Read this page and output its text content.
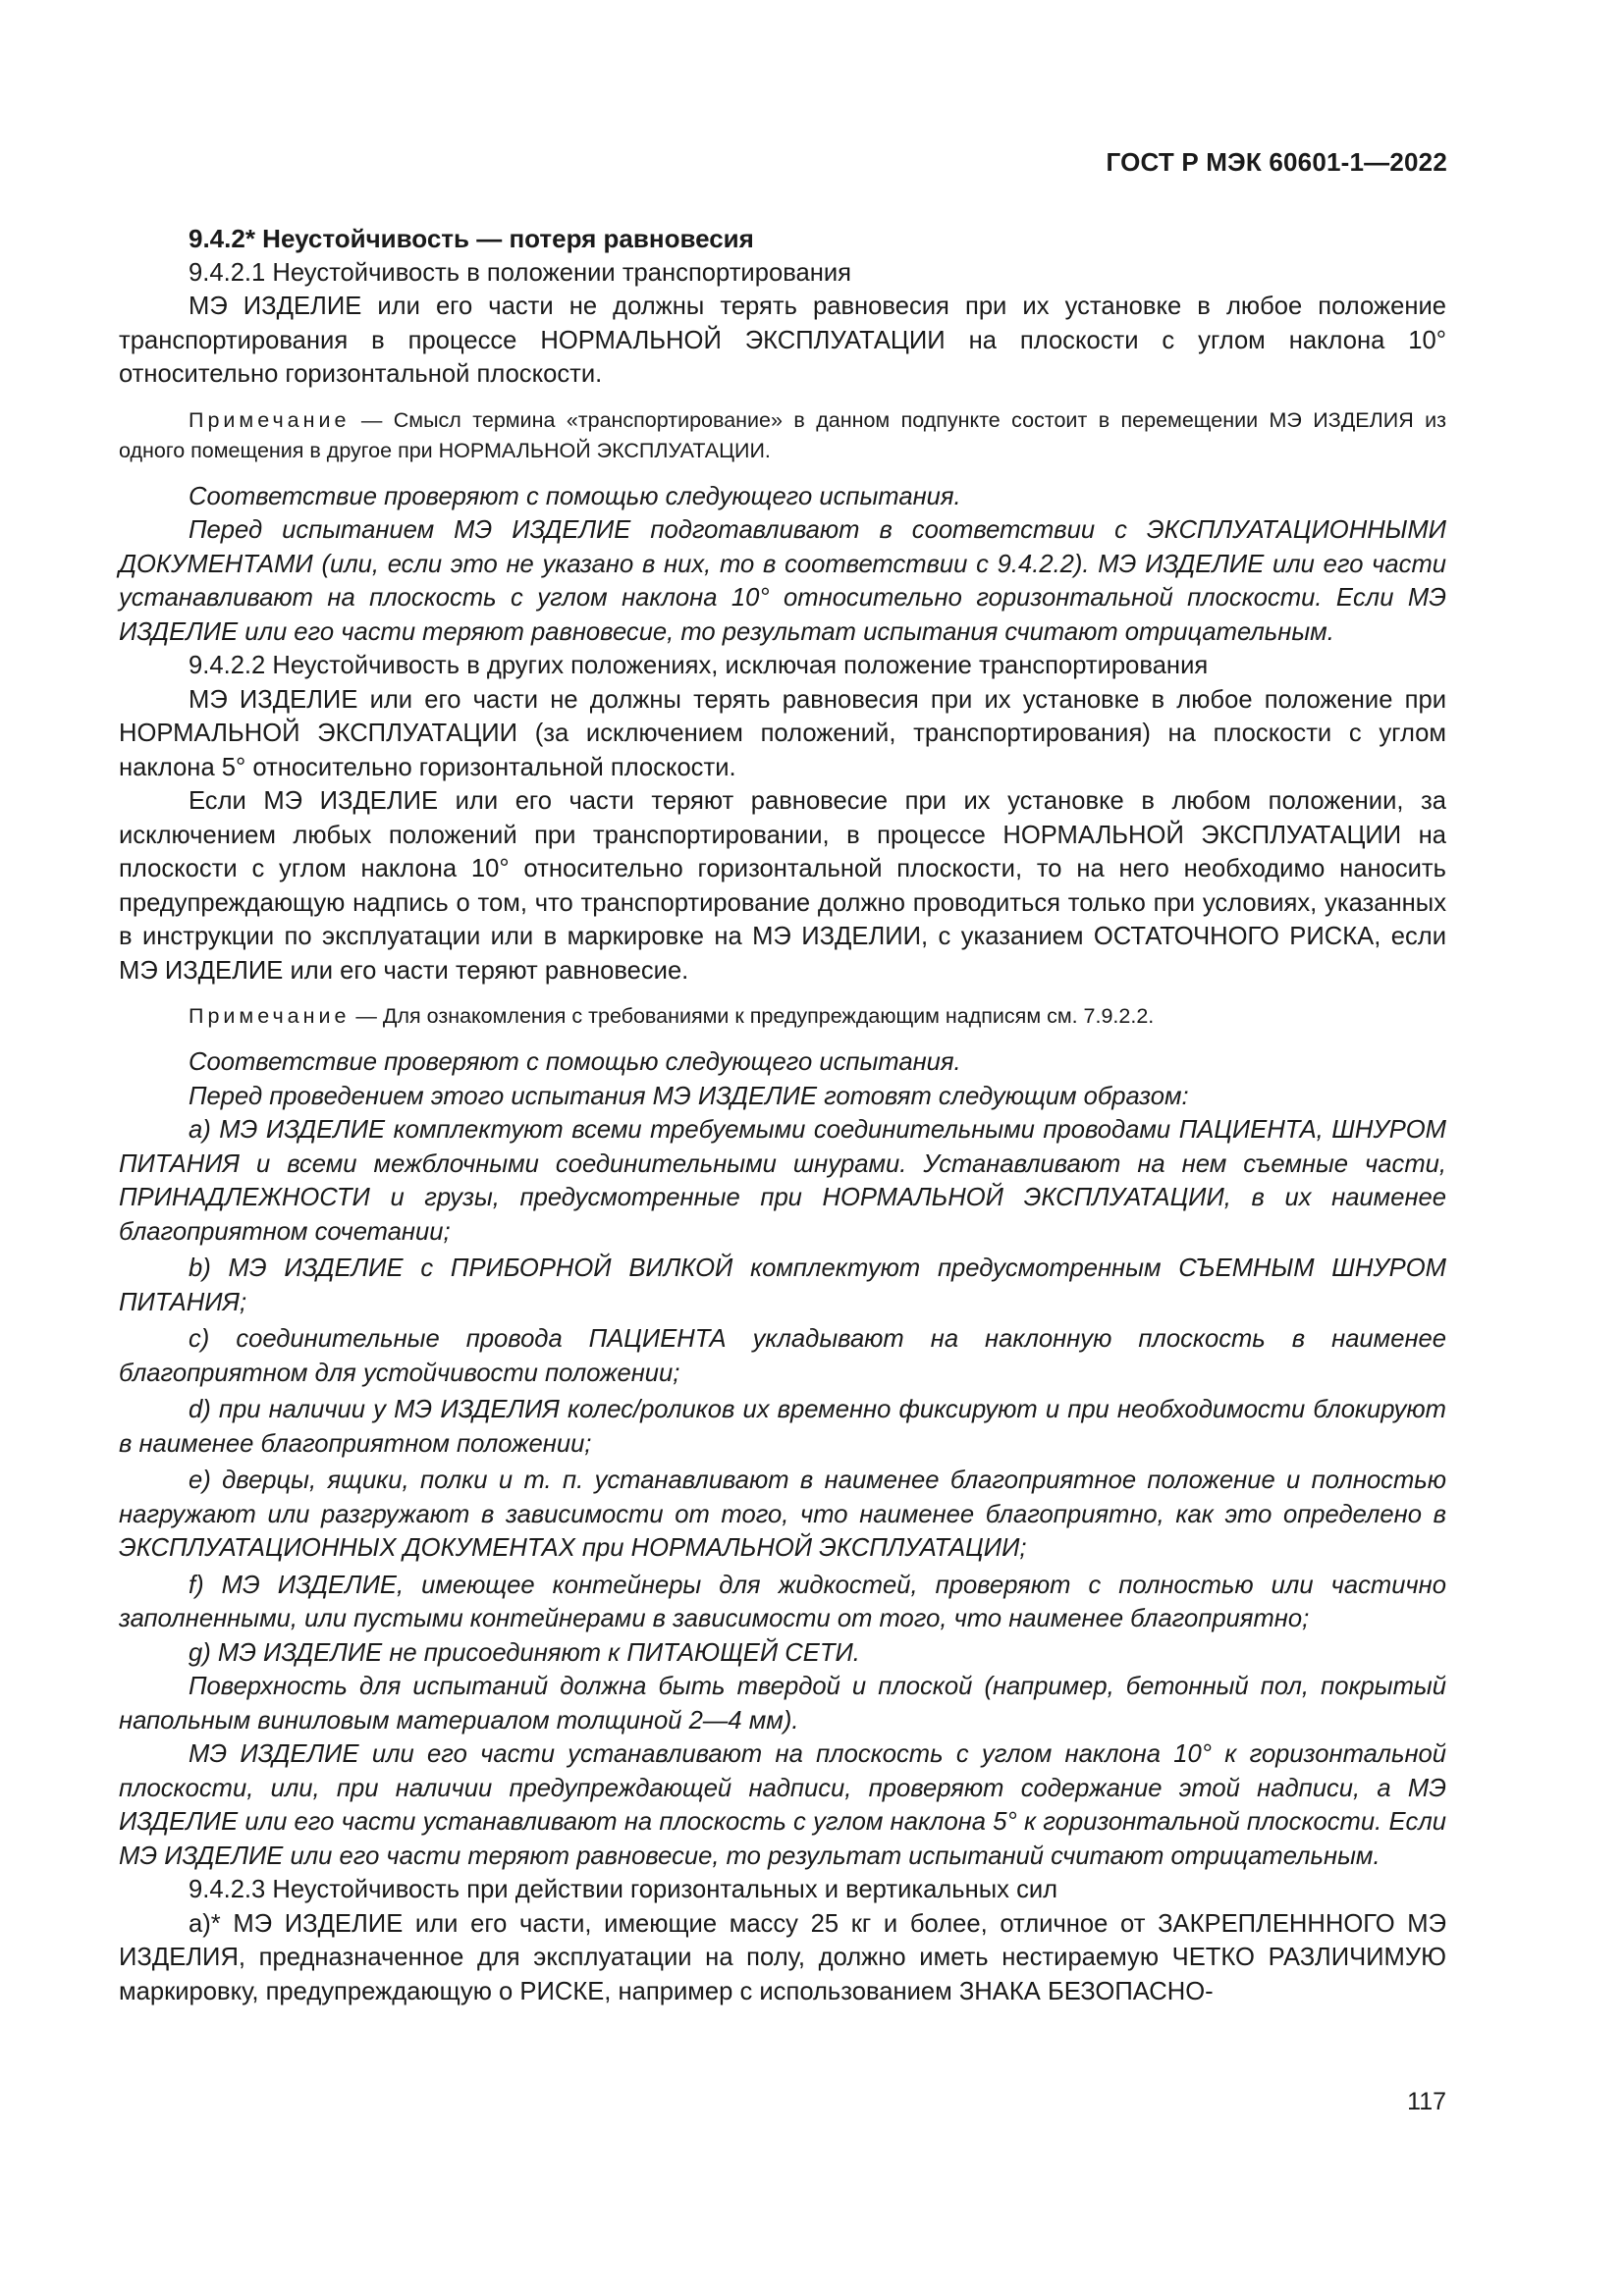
ГОСТ Р МЭК 60601-1—2022

9.4.2* Неустойчивость — потеря равновесия

9.4.2.1 Неустойчивость в положении транспортирования

МЭ ИЗДЕЛИЕ или его части не должны терять равновесия при их установке в любое положение транспортирования в процессе НОРМАЛЬНОЙ ЭКСПЛУАТАЦИИ на плоскости с углом наклона 10° относительно горизонтальной плоскости.

Примечание — Смысл термина «транспортирование» в данном подпункте состоит в перемещении МЭ ИЗДЕЛИЯ из одного помещения в другое при НОРМАЛЬНОЙ ЭКСПЛУАТАЦИИ.

Соответствие проверяют с помощью следующего испытания.

Перед испытанием МЭ ИЗДЕЛИЕ подготавливают в соответствии с ЭКСПЛУАТАЦИОННЫМИ ДОКУМЕНТАМИ (или, если это не указано в них, то в соответствии с 9.4.2.2). МЭ ИЗДЕЛИЕ или его части устанавливают на плоскость с углом наклона 10° относительно горизонтальной плоскости. Если МЭ ИЗДЕЛИЕ или его части теряют равновесие, то результат испытания считают отрицательным.

9.4.2.2 Неустойчивость в других положениях, исключая положение транспортирования

МЭ ИЗДЕЛИЕ или его части не должны терять равновесия при их установке в любое положение при НОРМАЛЬНОЙ ЭКСПЛУАТАЦИИ (за исключением положений, транспортирования) на плоскости с углом наклона 5° относительно горизонтальной плоскости.

Если МЭ ИЗДЕЛИЕ или его части теряют равновесие при их установке в любом положении, за исключением любых положений при транспортировании, в процессе НОРМАЛЬНОЙ ЭКСПЛУАТАЦИИ на плоскости с углом наклона 10° относительно горизонтальной плоскости, то на него необходимо наносить предупреждающую надпись о том, что транспортирование должно проводиться только при условиях, указанных в инструкции по эксплуатации или в маркировке на МЭ ИЗДЕЛИИ, с указанием ОСТАТОЧНОГО РИСКА, если МЭ ИЗДЕЛИЕ или его части теряют равновесие.

Примечание — Для ознакомления с требованиями к предупреждающим надписям см. 7.9.2.2.

Соответствие проверяют с помощью следующего испытания.

Перед проведением этого испытания МЭ ИЗДЕЛИЕ готовят следующим образом:

a) МЭ ИЗДЕЛИЕ комплектуют всеми требуемыми соединительными проводами ПАЦИЕНТА, ШНУРОМ ПИТАНИЯ и всеми межблочными соединительными шнурами. Устанавливают на нем съемные части, ПРИНАДЛЕЖНОСТИ и грузы, предусмотренные при НОРМАЛЬНОЙ ЭКСПЛУАТАЦИИ, в их наименее благоприятном сочетании;

b) МЭ ИЗДЕЛИЕ с ПРИБОРНОЙ ВИЛКОЙ комплектуют предусмотренным СЪЕМНЫМ ШНУРОМ ПИТАНИЯ;

c) соединительные провода ПАЦИЕНТА укладывают на наклонную плоскость в наименее благоприятном для устойчивости положении;

d) при наличии у МЭ ИЗДЕЛИЯ колес/роликов их временно фиксируют и при необходимости блокируют в наименее благоприятном положении;

e) дверцы, ящики, полки и т. п. устанавливают в наименее благоприятное положение и полностью нагружают или разгружают в зависимости от того, что наименее благоприятно, как это определено в ЭКСПЛУАТАЦИОННЫХ ДОКУМЕНТАХ при НОРМАЛЬНОЙ ЭКСПЛУАТАЦИИ;

f) МЭ ИЗДЕЛИЕ, имеющее контейнеры для жидкостей, проверяют с полностью или частично заполненными, или пустыми контейнерами в зависимости от того, что наименее благоприятно;

g) МЭ ИЗДЕЛИЕ не присоединяют к ПИТАЮЩЕЙ СЕТИ.

Поверхность для испытаний должна быть твердой и плоской (например, бетонный пол, покрытый напольным виниловым материалом толщиной 2—4 мм).

МЭ ИЗДЕЛИЕ или его части устанавливают на плоскость с углом наклона 10° к горизонтальной плоскости, или, при наличии предупреждающей надписи, проверяют содержание этой надписи, а МЭ ИЗДЕЛИЕ или его части устанавливают на плоскость с углом наклона 5° к горизонтальной плоскости. Если МЭ ИЗДЕЛИЕ или его части теряют равновесие, то результат испытаний считают отрицательным.

9.4.2.3 Неустойчивость при действии горизонтальных и вертикальных сил

a)* МЭ ИЗДЕЛИЕ или его части, имеющие массу 25 кг и более, отличное от ЗАКРЕПЛЕНННОГО МЭ ИЗДЕЛИЯ, предназначенное для эксплуатации на полу, должно иметь нестираемую ЧЕТКО РАЗЛИЧИМУЮ маркировку, предупреждающую о РИСКЕ, например с использованием ЗНАКА БЕЗОПАСНО-

117
